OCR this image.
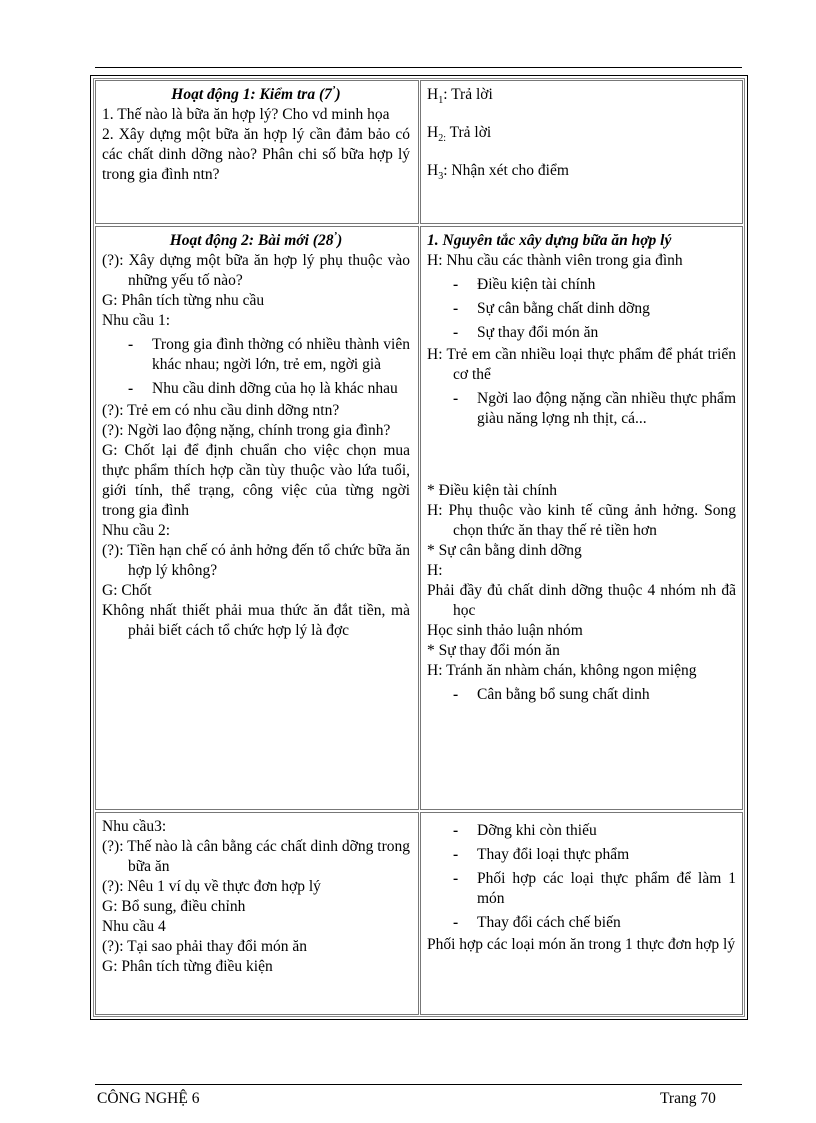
Hoạt động 1: Kiểm tra (7’)

1. Thế nào là bữa ăn hợp lý? Cho vd minh họa

2. Xây dựng một bữa ăn hợp lý cần đảm bảo có các chất dinh dỡng nào? Phân chi số bữa hợp lý trong gia đình ntn?

$H_1$: Trả lời

$H_{2:}$ Trả lời

$H_3$: Nhận xét cho điểm

Hoạt động 2: Bài mới (28’)

(?): Xây dựng một bữa ăn hợp lý phụ thuộc vào những yếu tố nào?

G: Phân tích từng nhu cầu

Nhu cầu 1:

- Trong gia đình thờng có nhiều thành viên khác nhau; ngời lớn, trẻ em, ngời già

- Nhu cầu dinh dỡng của họ là khác nhau

(?): Trẻ em có nhu cầu dinh dỡng ntn?

(?): Ngời lao động nặng, chính trong gia đình?

G: Chốt lại để định chuẩn cho việc chọn mua thực phẩm thích hợp cần tùy thuộc vào lứa tuổi, giới tính, thể trạng, công việc của từng ngời trong gia đình

Nhu cầu 2:

(?): Tiền hạn chế có ảnh hởng đến tổ chức bữa ăn hợp lý không?

G: Chốt

Không nhất thiết phải mua thức ăn đắt tiền, mà phải biết cách tổ chức hợp lý là đợc

1. Nguyên tắc xây dựng bữa ăn hợp lý

H: Nhu cầu các thành viên trong gia đình

- Điều kiện tài chính

- Sự cân bằng chất dinh dỡng

- Sự thay đổi món ăn

H: Trẻ em cần nhiều loại thực phẩm để phát triển cơ thể

- Ngời lao động nặng cần nhiều thực phẩm giàu năng lợng nh thịt, cá...

* Điều kiện tài chính

H: Phụ thuộc vào kinh tế cũng ảnh hởng. Song chọn thức ăn thay thế rẻ tiền hơn

* Sự cân bằng dinh dỡng

H:

Phải đầy đủ chất dinh dỡng thuộc 4 nhóm nh đã học

Học sinh thảo luận nhóm

* Sự thay đổi món ăn

H: Tránh ăn nhàm chán, không ngon miệng

- Cân bằng bổ sung chất dinh

Nhu cầu3:

(?): Thế nào là cân bằng các chất dinh dỡng trong bữa ăn

(?): Nêu 1 ví dụ về thực đơn hợp lý

G: Bổ sung, điều chỉnh

Nhu cầu 4

(?): Tại sao phải thay đổi món ăn

G: Phân tích từng điều kiện

- Dỡng khi còn thiếu

- Thay đổi loại thực phẩm

- Phối hợp các loại thực phẩm để làm 1 món

- Thay đổi cách chế biến

Phối hợp các loại món ăn trong 1 thực đơn hợp lý

CÔNG NGHỆ 6	Trang 70
